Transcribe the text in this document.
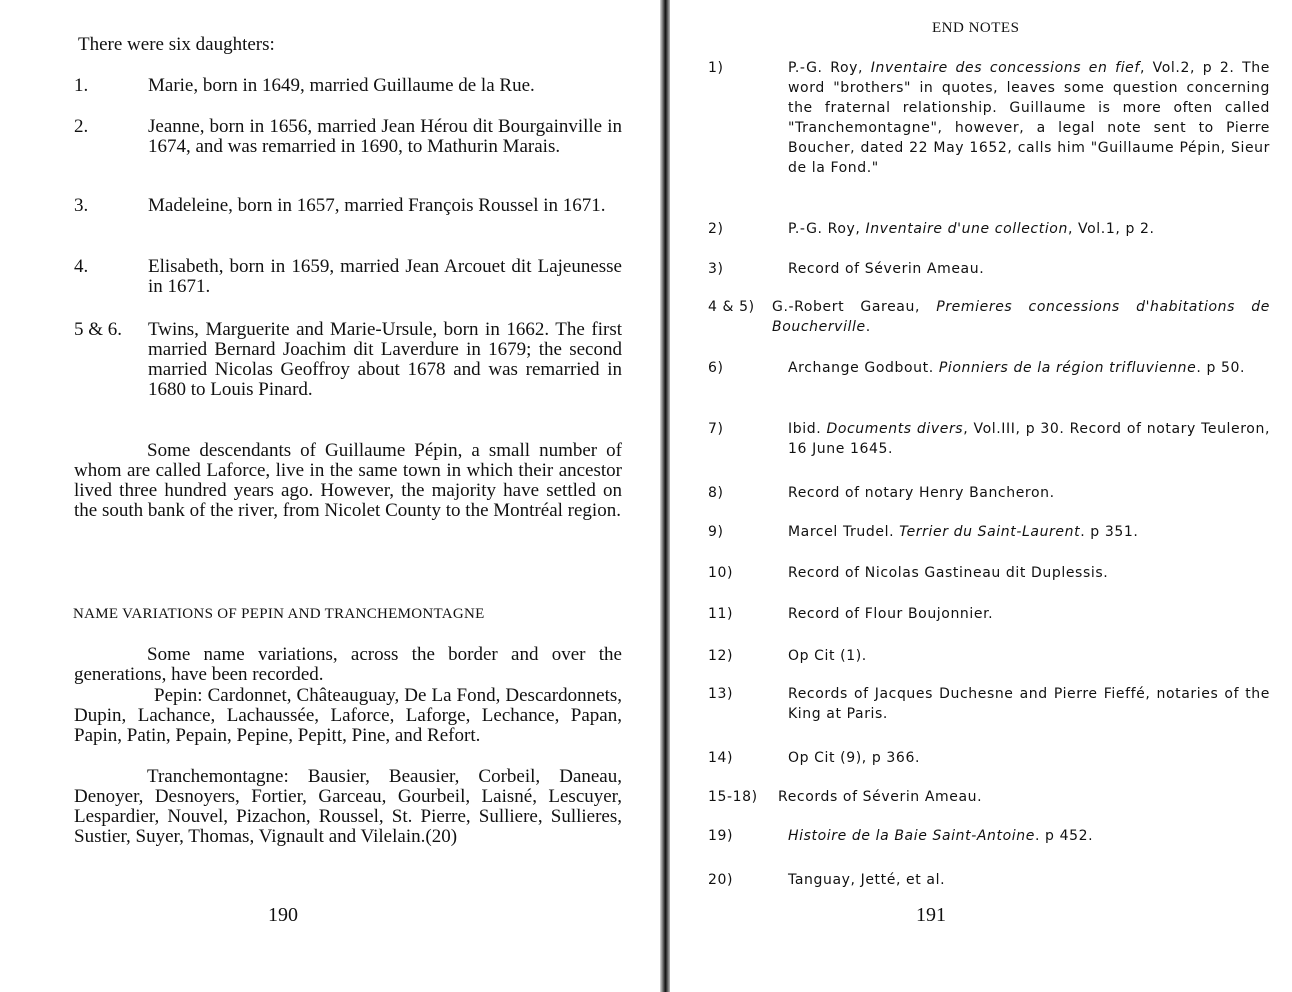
There were six daughters:
1.	Marie, born in 1649, married Guillaume de la Rue.
2.	Jeanne, born in 1656, married Jean Hérou dit Bourgainville in 1674, and was remarried in 1690, to Mathurin Marais.
3.	Madeleine, born in 1657, married François Roussel in 1671.
4.	Elisabeth, born in 1659, married Jean Arcouet dit Lajeunesse in 1671.
5 & 6. Twins, Marguerite and Marie-Ursule, born in 1662. The first married Bernard Joachim dit Laverdure in 1679; the second married Nicolas Geoffroy about 1678 and was remarried in 1680 to Louis Pinard.
Some descendants of Guillaume Pépin, a small number of whom are called Laforce, live in the same town in which their ancestor lived three hundred years ago. However, the majority have settled on the south bank of the river, from Nicolet County to the Montréal region.
NAME VARIATIONS OF PEPIN AND TRANCHEMONTAGNE
Some name variations, across the border and over the generations, have been recorded.
Pepin: Cardonnet, Châteauguay, De La Fond, Descardonnets, Dupin, Lachance, Lachaussée, Laforce, Laforge, Lechance, Papan, Papin, Patin, Pepain, Pepine, Pepitt, Pine, and Refort.
Tranchemontagne: Bausier, Beausier, Corbeil, Daneau, Denoyer, Desnoyers, Fortier, Garceau, Gourbeil, Laisné, Lescuyer, Lespardier, Nouvel, Pizachon, Roussel, St. Pierre, Sulliere, Sullieres, Sustier, Suyer, Thomas, Vignault and Vilelain.(20)
190
END NOTES
1)	P.-G. Roy, Inventaire des concessions en fief, Vol.2, p 2. The word "brothers" in quotes, leaves some question concerning the fraternal relationship. Guillaume is more often called "Tranchemontagne", however, a legal note sent to Pierre Boucher, dated 22 May 1652, calls him "Guillaume Pépin, Sieur de la Fond."
2)	P.-G. Roy, Inventaire d'une collection, Vol.1, p 2.
3)	Record of Séverin Ameau.
4 & 5) G.-Robert Gareau, Premieres concessions d'habitations de Boucherville.
6)	Archange Godbout. Pionniers de la région trifluvienne. p 50.
7)	Ibid. Documents divers, Vol.III, p 30. Record of notary Teuleron, 16 June 1645.
8)	Record of notary Henry Bancheron.
9)	Marcel Trudel. Terrier du Saint-Laurent. p 351.
10)	Record of Nicolas Gastineau dit Duplessis.
11)	Record of Flour Boujonnier.
12)	Op Cit (1).
13)	Records of Jacques Duchesne and Pierre Fieffé, notaries of the King at Paris.
14)	Op Cit (9), p 366.
15-18) Records of Séverin Ameau.
19)	Histoire de la Baie Saint-Antoine. p 452.
20)	Tanguay, Jetté, et al.
191
